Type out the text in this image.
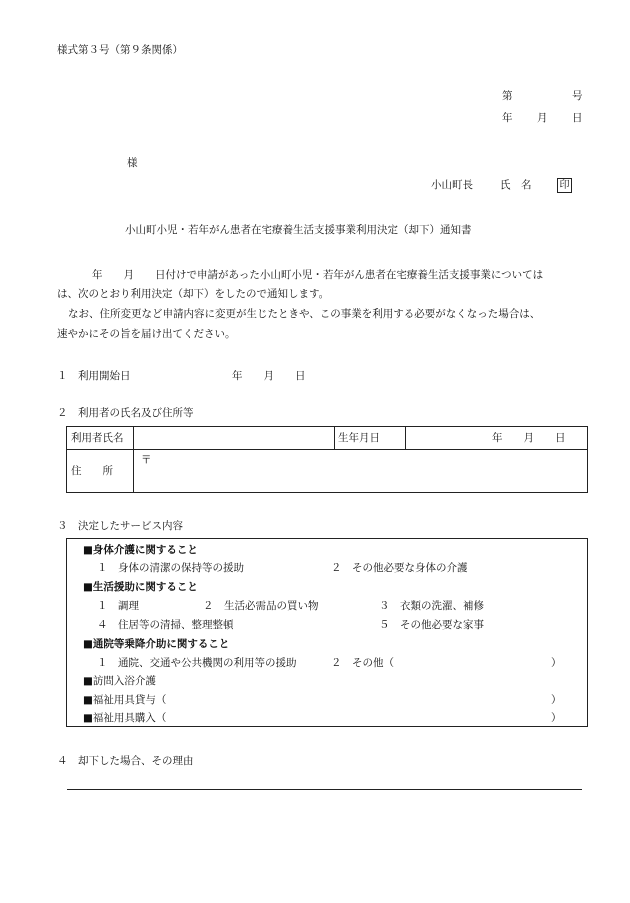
様式第３号（第９条関係）
第	号
年 月 日
様
小山町長	氏　名	印
小山町小児・若年がん患者在宅療養生活支援事業利用決定（却下）通知書
年　　月　　日付けで申請があった小山町小児・若年がん患者在宅療養生活支援事業については
は、次のとおり利用決定（却下）をしたので通知します。
なお、住所変更など申請内容に変更が生じたときや、この事業を利用する必要がなくなった場合は、
速やかにその旨を届け出てください。
１　利用開始日	年　　月　　日
２　利用者の氏名及び住所等
利用者氏名	生年月日	年　　月　　日
住　　所
〒
３　決定したサービス内容
■身体介護に関すること
１　身体の清潔の保持等の援助	２　その他必要な身体の介護
■生活援助に関すること
１　調理	２　生活必需品の買い物	３　衣類の洗濯、補修
４　住居等の清掃、整理整頓	５　その他必要な家事
■通院等乗降介助に関すること
１　通院、交通や公共機関の利用等の援助	２　その他（	）
■訪問入浴介護
■福祉用具貸与（	）
■福祉用具購入（	）
４　却下した場合、その理由
